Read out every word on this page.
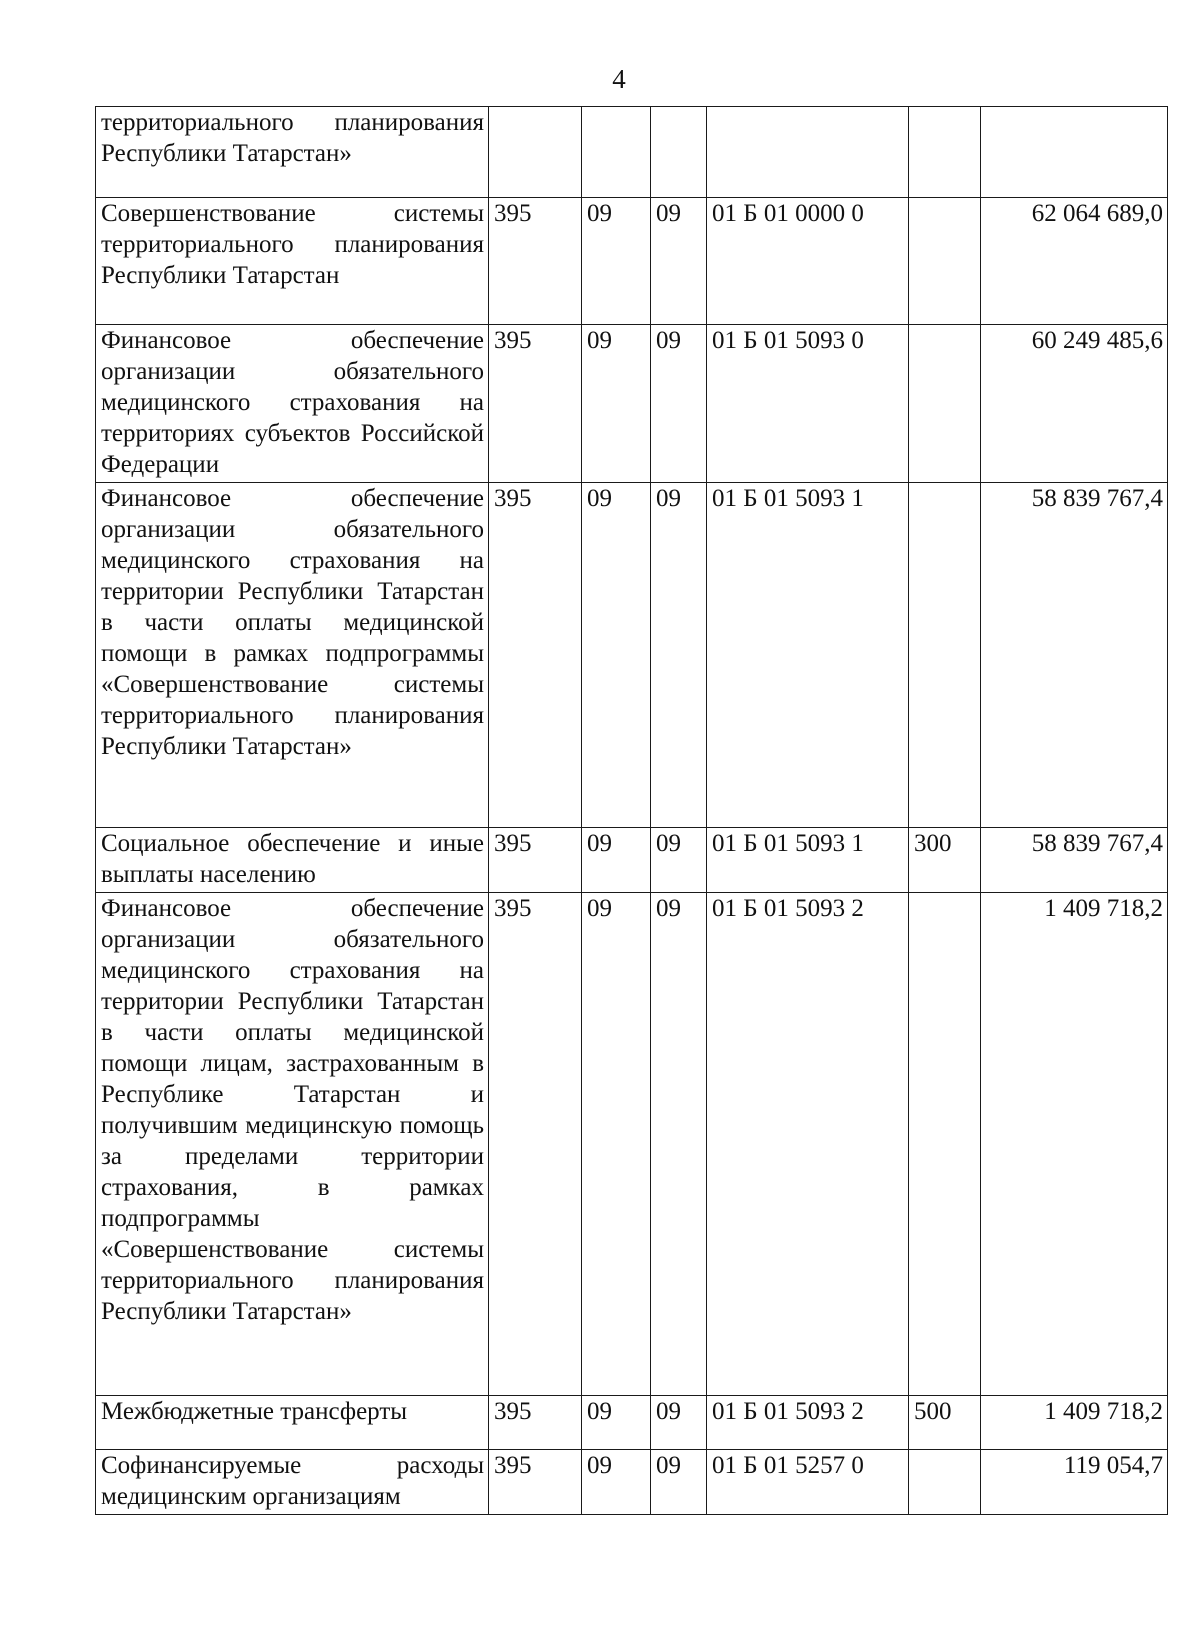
4
территориального планирования Республики Татарстан»						
Совершенствование системы территориального планирования Республики Татарстан	395	09	09	01 Б 01 0000 0		62 064 689,0
Финансовое обеспечение организации обязательного медицинского страхования на территориях субъектов Российской Федерации	395	09	09	01 Б 01 5093 0		60 249 485,6
Финансовое обеспечение организации обязательного медицинского страхования на территории Республики Татарстан в части оплаты медицинской помощи в рамках подпрограммы «Совершенствование системы территориального планирования Республики Татарстан»	395	09	09	01 Б 01 5093 1		58 839 767,4
Социальное обеспечение и иные выплаты населению	395	09	09	01 Б 01 5093 1	300	58 839 767,4
Финансовое обеспечение организации обязательного медицинского страхования на территории Республики Татарстан в части оплаты медицинской помощи лицам, застрахованным в Республике Татарстан и получившим медицинскую помощь за пределами территории страхования, в рамках подпрограммы «Совершенствование системы территориального планирования Республики Татарстан»	395	09	09	01 Б 01 5093 2		1 409 718,2
Межбюджетные трансферты	395	09	09	01 Б 01 5093 2	500	1 409 718,2
Софинансируемые расходы медицинским организациям	395	09	09	01 Б 01 5257 0		119 054,7
